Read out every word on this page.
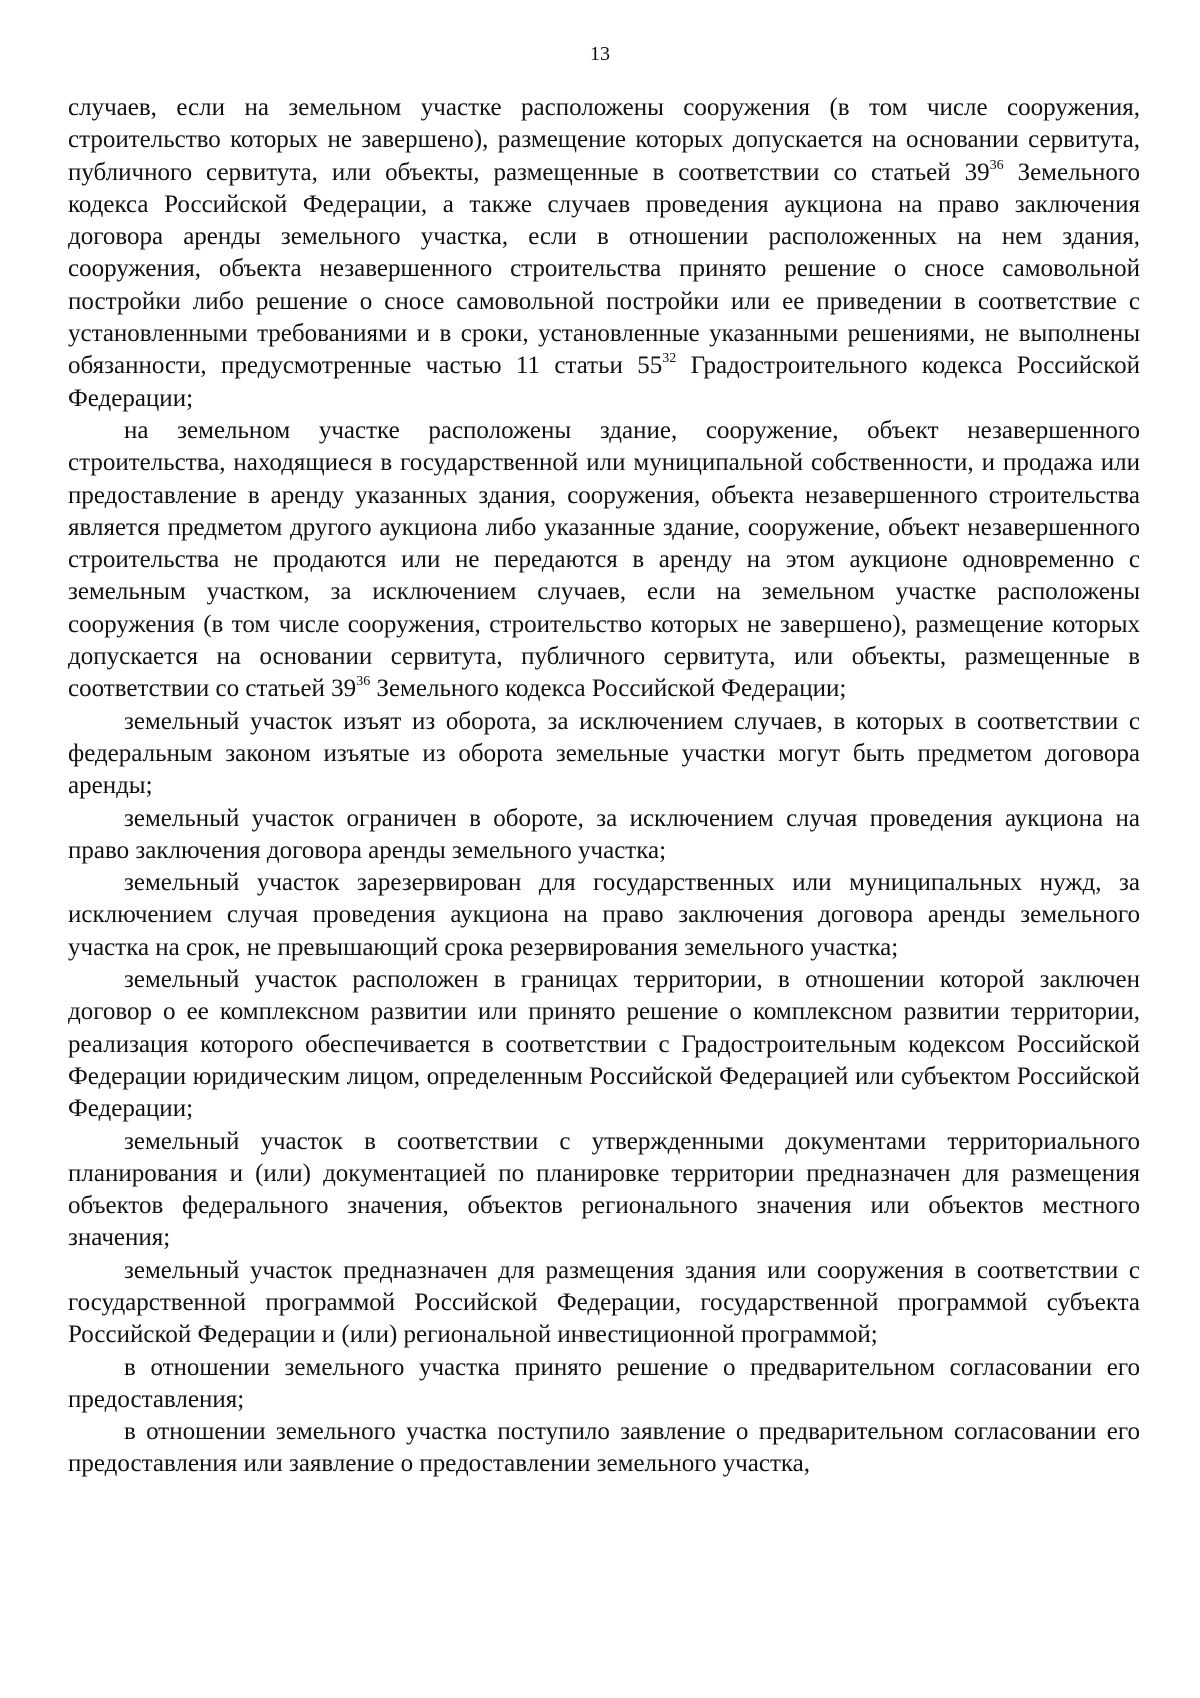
13

случаев, если на земельном участке расположены сооружения (в том числе сооружения, строительство которых не завершено), размещение которых допускается на основании сервитута, публичного сервитута, или объекты, размещенные в соответствии со статьей $39^{36}$ Земельного кодекса Российской Федерации, а также случаев проведения аукциона на право заключения договора аренды земельного участка, если в отношении расположенных на нем здания, сооружения, объекта незавершенного строительства принято решение о сносе самовольной постройки либо решение о сносе самовольной постройки или ее приведении в соответствие с установленными требованиями и в сроки, установленные указанными решениями, не выполнены обязанности, предусмотренные частью 11 статьи $55^{32}$ Градостроительного кодекса Российской Федерации;

на земельном участке расположены здание, сооружение, объект незавершенного строительства, находящиеся в государственной или муниципальной собственности, и продажа или предоставление в аренду указанных здания, сооружения, объекта незавершенного строительства является предметом другого аукциона либо указанные здание, сооружение, объект незавершенного строительства не продаются или не передаются в аренду на этом аукционе одновременно с земельным участком, за исключением случаев, если на земельном участке расположены сооружения (в том числе сооружения, строительство которых не завершено), размещение которых допускается на основании сервитута, публичного сервитута, или объекты, размещенные в соответствии со статьей $39^{36}$ Земельного кодекса Российской Федерации;

земельный участок изъят из оборота, за исключением случаев, в которых в соответствии с федеральным законом изъятые из оборота земельные участки могут быть предметом договора аренды;

земельный участок ограничен в обороте, за исключением случая проведения аукциона на право заключения договора аренды земельного участка;

земельный участок зарезервирован для государственных или муниципальных нужд, за исключением случая проведения аукциона на право заключения договора аренды земельного участка на срок, не превышающий срока резервирования земельного участка;

земельный участок расположен в границах территории, в отношении которой заключен договор о ее комплексном развитии или принято решение о комплексном развитии территории, реализация которого обеспечивается в соответствии с Градостроительным кодексом Российской Федерации юридическим лицом, определенным Российской Федерацией или субъектом Российской Федерации;

земельный участок в соответствии с утвержденными документами территориального планирования и (или) документацией по планировке территории предназначен для размещения объектов федерального значения, объектов регионального значения или объектов местного значения;

земельный участок предназначен для размещения здания или сооружения в соответствии с государственной программой Российской Федерации, государственной программой субъекта Российской Федерации и (или) региональной инвестиционной программой;

в отношении земельного участка принято решение о предварительном согласовании его предоставления;

в отношении земельного участка поступило заявление о предварительном согласовании его предоставления или заявление о предоставлении земельного участка,
